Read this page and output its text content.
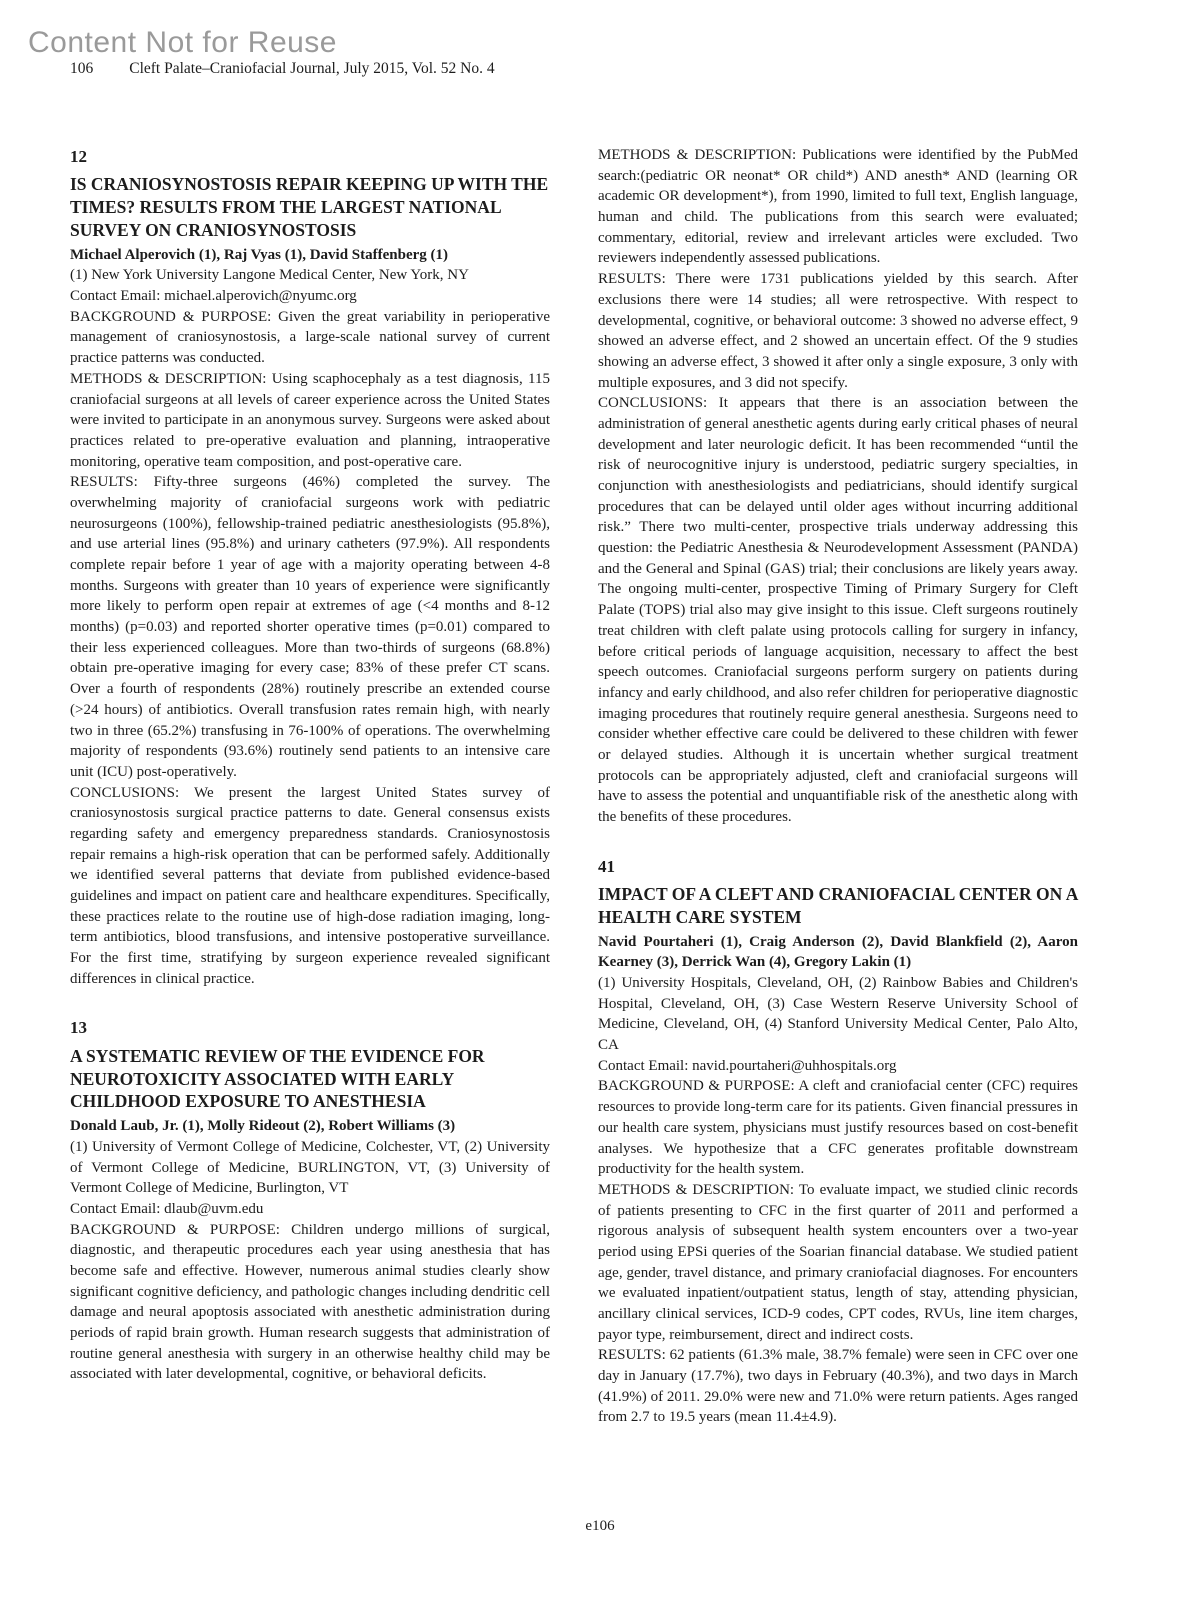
Content Not for Reuse
106 Cleft Palate–Craniofacial Journal, July 2015, Vol. 52 No. 4
12
IS CRANIOSYNOSTOSIS REPAIR KEEPING UP WITH THE TIMES? RESULTS FROM THE LARGEST NATIONAL SURVEY ON CRANIOSYNOSTOSIS
Michael Alperovich (1), Raj Vyas (1), David Staffenberg (1)
(1) New York University Langone Medical Center, New York, NY
Contact Email: michael.alperovich@nyumc.org
BACKGROUND & PURPOSE: Given the great variability in perioperative management of craniosynostosis, a large-scale national survey of current practice patterns was conducted.
METHODS & DESCRIPTION: Using scaphocephaly as a test diagnosis, 115 craniofacial surgeons at all levels of career experience across the United States were invited to participate in an anonymous survey. Surgeons were asked about practices related to pre-operative evaluation and planning, intraoperative monitoring, operative team composition, and post-operative care.
RESULTS: Fifty-three surgeons (46%) completed the survey. The overwhelming majority of craniofacial surgeons work with pediatric neurosurgeons (100%), fellowship-trained pediatric anesthesiologists (95.8%), and use arterial lines (95.8%) and urinary catheters (97.9%). All respondents complete repair before 1 year of age with a majority operating between 4-8 months. Surgeons with greater than 10 years of experience were significantly more likely to perform open repair at extremes of age (<4 months and 8-12 months) (p=0.03) and reported shorter operative times (p=0.01) compared to their less experienced colleagues. More than two-thirds of surgeons (68.8%) obtain pre-operative imaging for every case; 83% of these prefer CT scans. Over a fourth of respondents (28%) routinely prescribe an extended course (>24 hours) of antibiotics. Overall transfusion rates remain high, with nearly two in three (65.2%) transfusing in 76-100% of operations. The overwhelming majority of respondents (93.6%) routinely send patients to an intensive care unit (ICU) post-operatively.
CONCLUSIONS: We present the largest United States survey of craniosynostosis surgical practice patterns to date. General consensus exists regarding safety and emergency preparedness standards. Craniosynostosis repair remains a high-risk operation that can be performed safely. Additionally we identified several patterns that deviate from published evidence-based guidelines and impact on patient care and healthcare expenditures. Specifically, these practices relate to the routine use of high-dose radiation imaging, long-term antibiotics, blood transfusions, and intensive postoperative surveillance. For the first time, stratifying by surgeon experience revealed significant differences in clinical practice.
13
A SYSTEMATIC REVIEW OF THE EVIDENCE FOR NEUROTOXICITY ASSOCIATED WITH EARLY CHILDHOOD EXPOSURE TO ANESTHESIA
Donald Laub, Jr. (1), Molly Rideout (2), Robert Williams (3)
(1) University of Vermont College of Medicine, Colchester, VT, (2) University of Vermont College of Medicine, BURLINGTON, VT, (3) University of Vermont College of Medicine, Burlington, VT
Contact Email: dlaub@uvm.edu
BACKGROUND & PURPOSE: Children undergo millions of surgical, diagnostic, and therapeutic procedures each year using anesthesia that has become safe and effective. However, numerous animal studies clearly show significant cognitive deficiency, and pathologic changes including dendritic cell damage and neural apoptosis associated with anesthetic administration during periods of rapid brain growth. Human research suggests that administration of routine general anesthesia with surgery in an otherwise healthy child may be associated with later developmental, cognitive, or behavioral deficits.
METHODS & DESCRIPTION: Publications were identified by the PubMed search:(pediatric OR neonat* OR child*) AND anesth* AND (learning OR academic OR development*), from 1990, limited to full text, English language, human and child. The publications from this search were evaluated; commentary, editorial, review and irrelevant articles were excluded. Two reviewers independently assessed publications.
RESULTS: There were 1731 publications yielded by this search. After exclusions there were 14 studies; all were retrospective. With respect to developmental, cognitive, or behavioral outcome: 3 showed no adverse effect, 9 showed an adverse effect, and 2 showed an uncertain effect. Of the 9 studies showing an adverse effect, 3 showed it after only a single exposure, 3 only with multiple exposures, and 3 did not specify.
CONCLUSIONS: It appears that there is an association between the administration of general anesthetic agents during early critical phases of neural development and later neurologic deficit. It has been recommended “until the risk of neurocognitive injury is understood, pediatric surgery specialties, in conjunction with anesthesiologists and pediatricians, should identify surgical procedures that can be delayed until older ages without incurring additional risk.” There two multi-center, prospective trials underway addressing this question: the Pediatric Anesthesia & Neurodevelopment Assessment (PANDA) and the General and Spinal (GAS) trial; their conclusions are likely years away. The ongoing multi-center, prospective Timing of Primary Surgery for Cleft Palate (TOPS) trial also may give insight to this issue. Cleft surgeons routinely treat children with cleft palate using protocols calling for surgery in infancy, before critical periods of language acquisition, necessary to affect the best speech outcomes. Craniofacial surgeons perform surgery on patients during infancy and early childhood, and also refer children for perioperative diagnostic imaging procedures that routinely require general anesthesia. Surgeons need to consider whether effective care could be delivered to these children with fewer or delayed studies. Although it is uncertain whether surgical treatment protocols can be appropriately adjusted, cleft and craniofacial surgeons will have to assess the potential and unquantifiable risk of the anesthetic along with the benefits of these procedures.
41
IMPACT OF A CLEFT AND CRANIOFACIAL CENTER ON A HEALTH CARE SYSTEM
Navid Pourtaheri (1), Craig Anderson (2), David Blankfield (2), Aaron Kearney (3), Derrick Wan (4), Gregory Lakin (1)
(1) University Hospitals, Cleveland, OH, (2) Rainbow Babies and Children's Hospital, Cleveland, OH, (3) Case Western Reserve University School of Medicine, Cleveland, OH, (4) Stanford University Medical Center, Palo Alto, CA
Contact Email: navid.pourtaheri@uhhospitals.org
BACKGROUND & PURPOSE: A cleft and craniofacial center (CFC) requires resources to provide long-term care for its patients. Given financial pressures in our health care system, physicians must justify resources based on cost-benefit analyses. We hypothesize that a CFC generates profitable downstream productivity for the health system.
METHODS & DESCRIPTION: To evaluate impact, we studied clinic records of patients presenting to CFC in the first quarter of 2011 and performed a rigorous analysis of subsequent health system encounters over a two-year period using EPSi queries of the Soarian financial database. We studied patient age, gender, travel distance, and primary craniofacial diagnoses. For encounters we evaluated inpatient/outpatient status, length of stay, attending physician, ancillary clinical services, ICD-9 codes, CPT codes, RVUs, line item charges, payor type, reimbursement, direct and indirect costs.
RESULTS: 62 patients (61.3% male, 38.7% female) were seen in CFC over one day in January (17.7%), two days in February (40.3%), and two days in March (41.9%) of 2011. 29.0% were new and 71.0% were return patients. Ages ranged from 2.7 to 19.5 years (mean 11.4±4.9).
e106
